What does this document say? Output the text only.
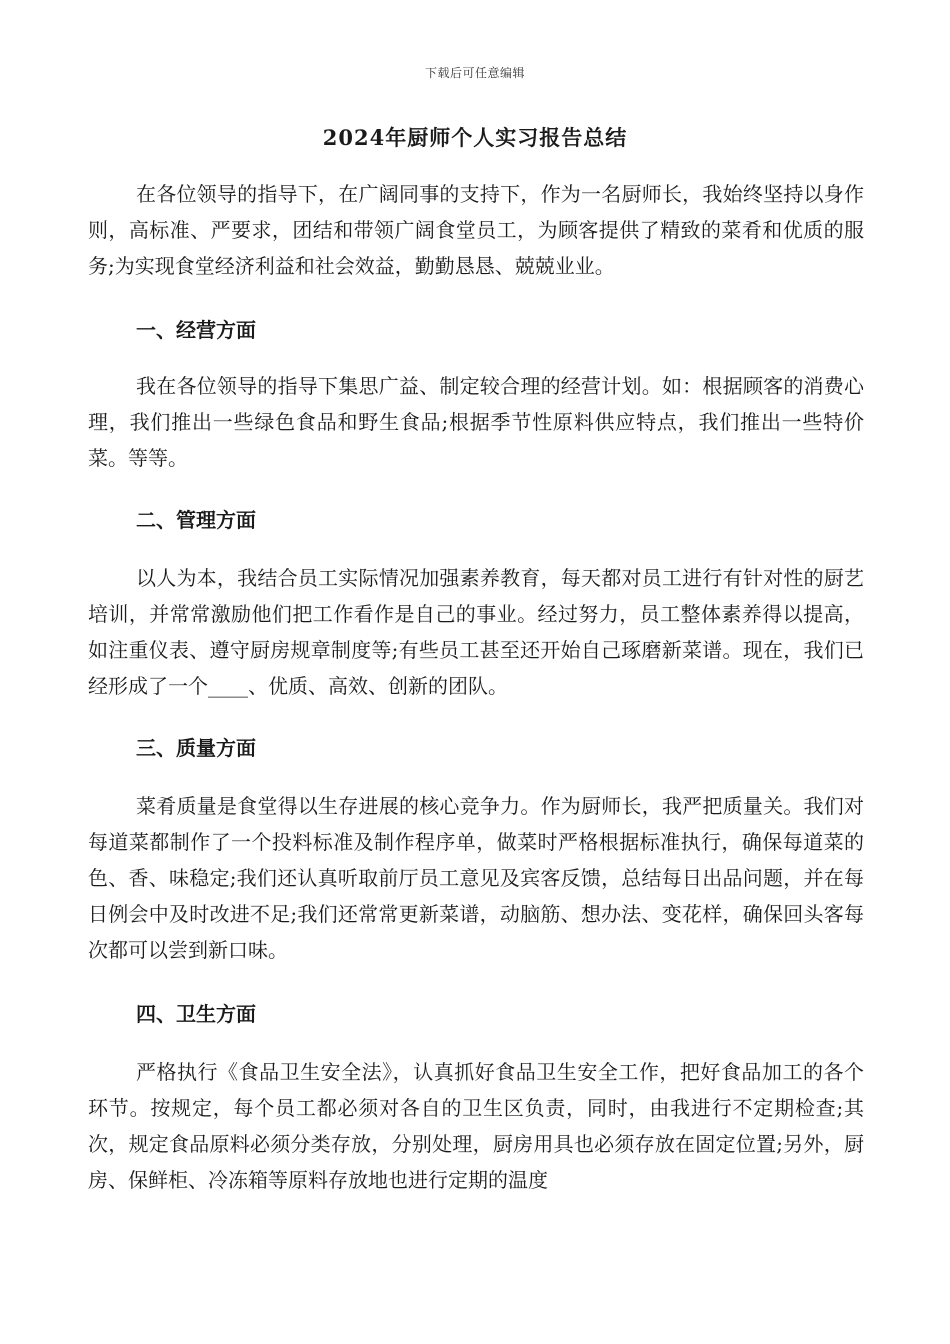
下载后可任意编辑
2024年厨师个人实习报告总结

在各位领导的指导下，在广阔同事的支持下，作为一名厨师长，我始终坚持以身作则，高标准、严要求，团结和带领广阔食堂员工，为顾客提供了精致的菜肴和优质的服务;为实现食堂经济利益和社会效益，勤勤恳恳、兢兢业业。

一、经营方面

我在各位领导的指导下集思广益、制定较合理的经营计划。如：根据顾客的消费心理，我们推出一些绿色食品和野生食品;根据季节性原料供应特点，我们推出一些特价菜。等等。

二、管理方面

以人为本，我结合员工实际情况加强素养教育，每天都对员工进行有针对性的厨艺培训，并常常激励他们把工作看作是自己的事业。经过努力，员工整体素养得以提高，如注重仪表、遵守厨房规章制度等;有些员工甚至还开始自己琢磨新菜谱。现在，我们已经形成了一个____、优质、高效、创新的团队。

三、质量方面

菜肴质量是食堂得以生存进展的核心竞争力。作为厨师长，我严把质量关。我们对每道菜都制作了一个投料标准及制作程序单，做菜时严格根据标准执行，确保每道菜的色、香、味稳定;我们还认真听取前厅员工意见及宾客反馈，总结每日出品问题，并在每日例会中及时改进不足;我们还常常更新菜谱，动脑筋、想办法、变花样，确保回头客每次都可以尝到新口味。

四、卫生方面

严格执行《食品卫生安全法》，认真抓好食品卫生安全工作，把好食品加工的各个环节。按规定，每个员工都必须对各自的卫生区负责，同时，由我进行不定期检查;其次，规定食品原料必须分类存放，分别处理，厨房用具也必须存放在固定位置;另外，厨房、保鲜柜、冷冻箱等原料存放地也进行定期的温度
